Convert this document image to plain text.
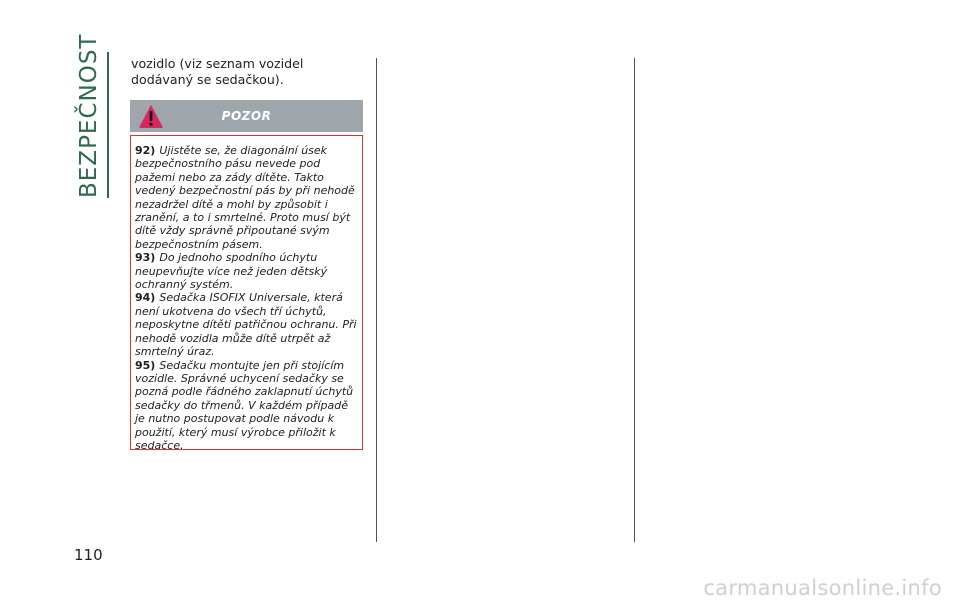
BEZPEČNOST	vozidlo (viz seznam vozidel dodávaný se sedačkou).
POZOR

92) Ujistěte se, že diagonální úsek bezpečnostního pásu nevede pod pažemi nebo za zády dítěte. Takto vedený bezpečnostní pás by při nehodě nezadržel dítě a mohl by způsobit i zranění, a to i smrtelné. Proto musí být dítě vždy správně připoutané svým bezpečnostním pásem.

93) Do jednoho spodního úchytu neupevňujte více než jeden dětský ochranný systém.

94) Sedačka ISOFIX Universale, která není ukotvena do všech tří úchytů, neposkytne dítěti patřičnou ochranu. Při nehodě vozidla může dítě utrpět až smrtelný úraz.

95) Sedačku montujte jen při stojícím vozidle. Správné uchycení sedačky se pozná podle řádného zaklapnutí úchytů sedačky do třmenů. V každém případě je nutno postupovat podle návodu k použití, který musí výrobce přiložit k sedačce.

110
carmanualsonline.info
